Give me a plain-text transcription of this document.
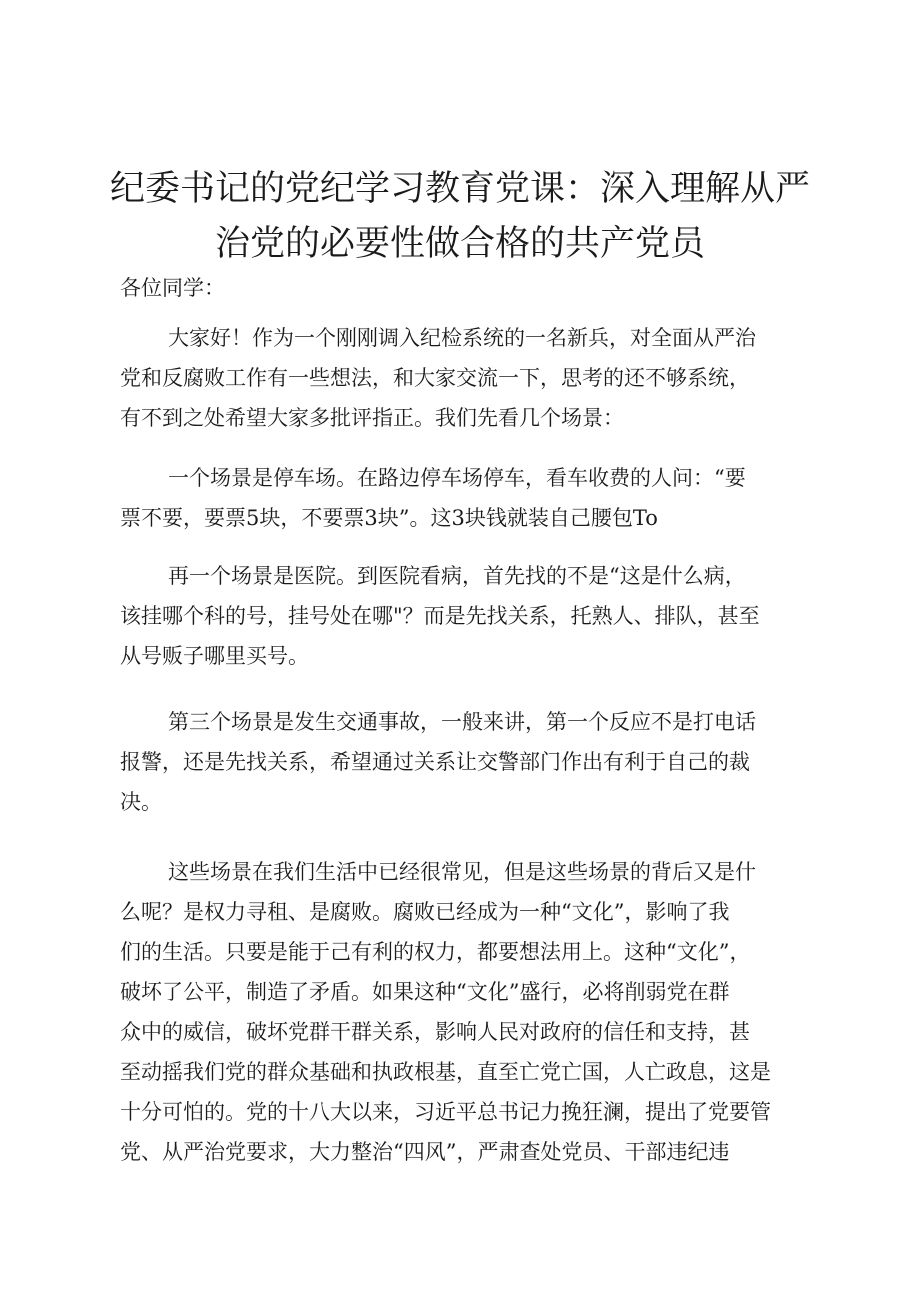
纪委书记的党纪学习教育党课：深入理解从严
治党的必要性做合格的共产党员

各位同学：

大家好！作为一个刚刚调入纪检系统的一名新兵，对全面从严治
党和反腐败工作有一些想法，和大家交流一下，思考的还不够系统，
有不到之处希望大家多批评指正。我们先看几个场景：

一个场景是停车场。在路边停车场停车，看车收费的人问：“要
票不要，要票5块，不要票3块”。这3块钱就装自己腰包To

再一个场景是医院。到医院看病，首先找的不是“这是什么病，
该挂哪个科的号，挂号处在哪"？而是先找关系，托熟人、排队，甚至
从号贩子哪里买号。

第三个场景是发生交通事故，一般来讲，第一个反应不是打电话
报警，还是先找关系，希望通过关系让交警部门作出有利于自己的裁
决。

这些场景在我们生活中已经很常见，但是这些场景的背后又是什
么呢？是权力寻租、是腐败。腐败已经成为一种“文化”，影响了我
们的生活。只要是能于己有利的权力，都要想法用上。这种“文化”，
破坏了公平，制造了矛盾。如果这种“文化”盛行，必将削弱党在群
众中的威信，破坏党群干群关系，影响人民对政府的信任和支持，甚
至动摇我们党的群众基础和执政根基，直至亡党亡国，人亡政息，这是
十分可怕的。党的十八大以来，习近平总书记力挽狂澜，提出了党要管
党、从严治党要求，大力整治“四风”，严肃查处党员、干部违纪违
